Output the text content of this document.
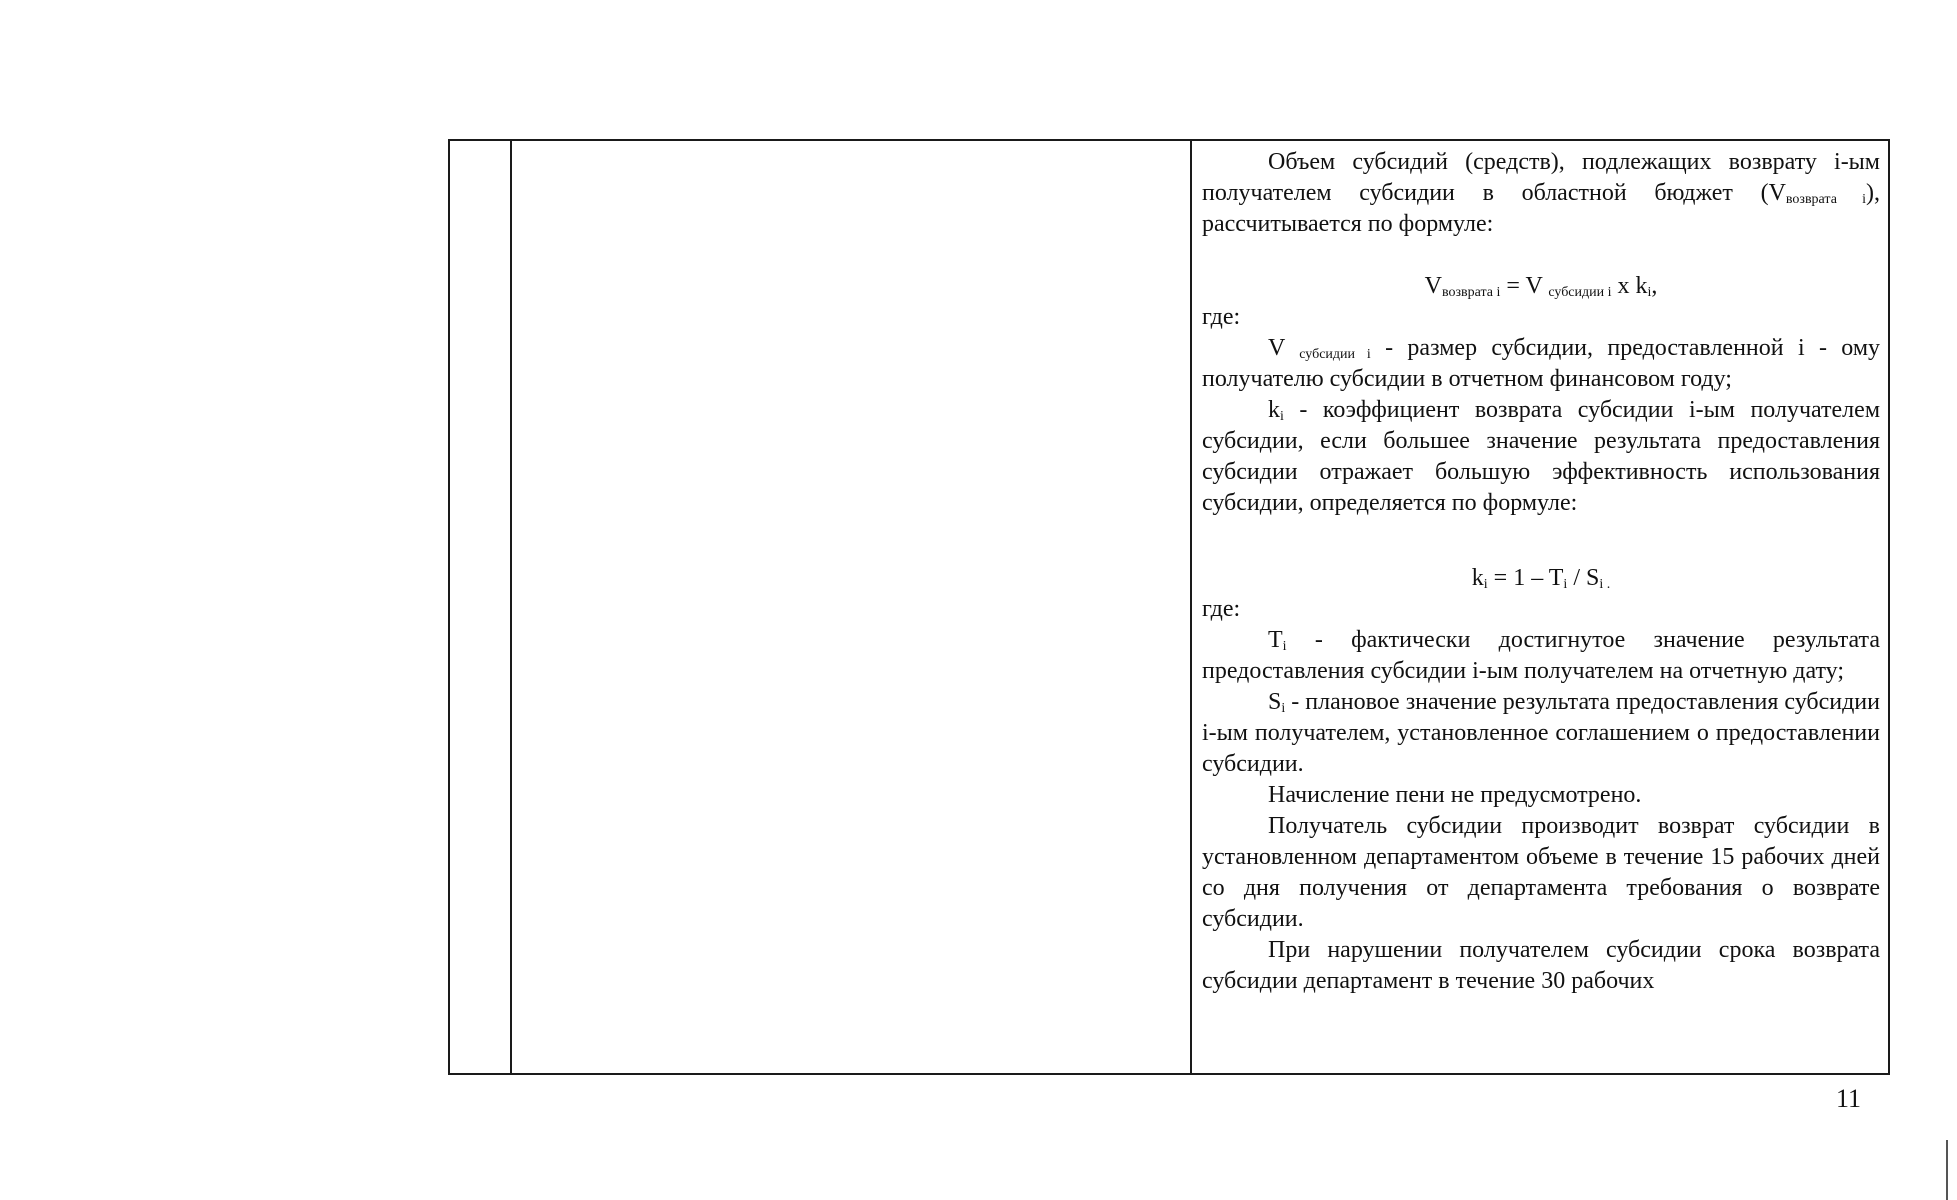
Объем субсидий (средств), подлежащих возврату i-ым получателем субсидии в областной бюджет $(V_{возврата i})$, рассчитывается по формуле:

$V_{возврата i} = V$ $_{субсидии i}$ x $k_i$,

где:

V $_{субсидии i}$ - размер субсидии, предоставленной i - ому получателю субсидии в отчетном финансовом году;

$k_i$ - коэффициент возврата субсидии i-ым получателем субсидии, если большее значение результата предоставления субсидии отражает большую эффективность использования субсидии, определяется по формуле:

$k_i = 1 - T_i / S_{i .}$

где:

$T_i$ - фактически достигнутое значение результата предоставления субсидии i-ым получателем на отчетную дату;

$S_i$ - плановое значение результата предоставления субсидии i-ым получателем, установленное соглашением о предоставлении субсидии.

Начисление пени не предусмотрено.

Получатель субсидии производит возврат субсидии в установленном департаментом объеме в течение 15 рабочих дней со дня получения от департамента требования о возврате субсидии.

При нарушении получателем субсидии срока возврата субсидии департамент в течение 30 рабочих

11
